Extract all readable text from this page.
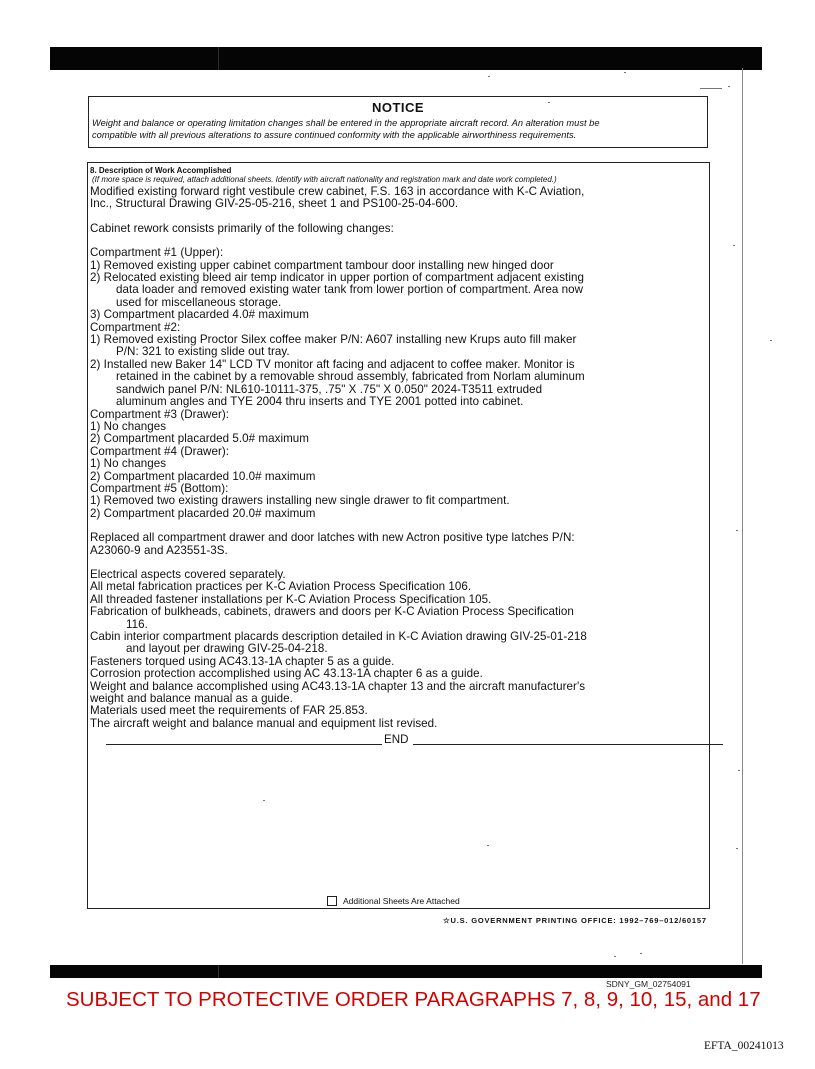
NOTICE
Weight and balance or operating limitation changes shall be entered in the appropriate aircraft record. An alteration must be
compatible with all previous alterations to assure continued conformity with the applicable airworthiness requirements.
8. Description of Work Accomplished
(If more space is required, attach additional sheets. Identify with aircraft nationality and registration mark and date work completed.)
Modified existing forward right vestibule crew cabinet, F.S. 163 in accordance with K-C Aviation,
Inc., Structural Drawing GIV-25-05-216, sheet 1 and PS100-25-04-600.
Cabinet rework consists primarily of the following changes:
Compartment #1 (Upper):
1) Removed existing upper cabinet compartment tambour door installing new hinged door
2) Relocated existing bleed air temp indicator in upper portion of compartment adjacent existing
data loader and removed existing water tank from lower portion of compartment. Area now
used for miscellaneous storage.
3) Compartment placarded 4.0# maximum
Compartment #2:
1) Removed existing Proctor Silex coffee maker P/N: A607 installing new Krups auto fill maker
P/N: 321 to existing slide out tray.
2) Installed new Baker 14" LCD TV monitor aft facing and adjacent to coffee maker. Monitor is
retained in the cabinet by a removable shroud assembly, fabricated from Norlam aluminum
sandwich panel P/N: NL610-10111-375, .75" X .75" X 0.050" 2024-T3511 extruded
aluminum angles and TYE 2004 thru inserts and TYE 2001 potted into cabinet.
Compartment #3 (Drawer):
1) No changes
2) Compartment placarded 5.0# maximum
Compartment #4 (Drawer):
1) No changes
2) Compartment placarded 10.0# maximum
Compartment #5 (Bottom):
1) Removed two existing drawers installing new single drawer to fit compartment.
2) Compartment placarded 20.0# maximum
Replaced all compartment drawer and door latches with new Actron positive type latches P/N:
A23060-9 and A23551-3S.
Electrical aspects covered separately.
All metal fabrication practices per K-C Aviation Process Specification 106.
All threaded fastener installations per K-C Aviation Process Specification 105.
Fabrication of bulkheads, cabinets, drawers and doors per K-C Aviation Process Specification
116.
Cabin interior compartment placards description detailed in K-C Aviation drawing GIV-25-01-218
and layout per drawing GIV-25-04-218.
Fasteners torqued using AC43.13-1A chapter 5 as a guide.
Corrosion protection accomplished using AC 43.13-1A chapter 6 as a guide.
Weight and balance accomplished using AC43.13-1A chapter 13 and the aircraft manufacturer's
weight and balance manual as a guide.
Materials used meet the requirements of FAR 25.853.
The aircraft weight and balance manual and equipment list revised.
END
Additional Sheets Are Attached
☆U.S. GOVERNMENT PRINTING OFFICE: 1992–769–012/60157
SDNY_GM_02754091
SUBJECT TO PROTECTIVE ORDER PARAGRAPHS 7, 8, 9, 10, 15, and 17
EFTA_00241013
